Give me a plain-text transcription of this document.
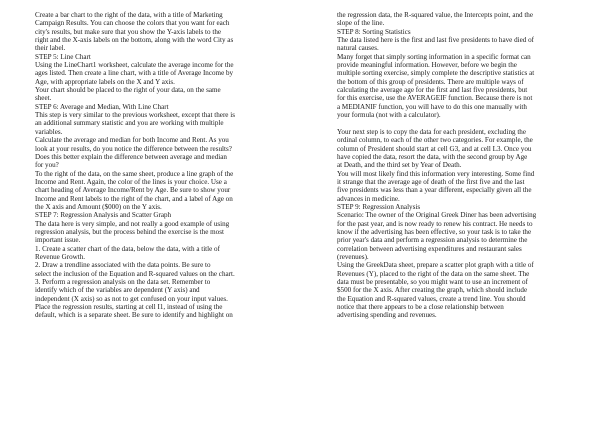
Create a bar chart to the right of the data, with a title of Marketing
Campaign Results. You can choose the colors that you want for each
city's results, but make sure that you show the Y-axis labels to the
right and the X-axis labels on the bottom, along with the word City as
their label.
STEP 5: Line Chart
Using the LineChart1 worksheet, calculate the average income for the
ages listed. Then create a line chart, with a title of Average Income by
Age, with appropriate labels on the X and Y axis.
Your chart should be placed to the right of your data, on the same
sheet.
STEP 6: Average and Median, With Line Chart
This step is very similar to the previous worksheet, except that there is
an additional summary statistic and you are working with multiple
variables.
Calculate the average and median for both Income and Rent. As you
look at your results, do you notice the difference between the results?
Does this better explain the difference between average and median
for you?
To the right of the data, on the same sheet, produce a line graph of the
Income and Rent. Again, the color of the lines is your choice. Use a
chart heading of Average Income/Rent by Age. Be sure to show your
Income and Rent labels to the right of the chart, and a label of Age on
the X axis and Amount ($000) on the Y axis.
STEP 7: Regression Analysis and Scatter Graph
The data here is very simple, and not really a good example of using
regression analysis, but the process behind the exercise is the most
important issue.
1. Create a scatter chart of the data, below the data, with a title of
Revenue Growth.
2. Draw a trendline associated with the data points. Be sure to
select the inclusion of the Equation and R-squared values on the chart.
3. Perform a regression analysis on the data set. Remember to
identify which of the variables are dependent (Y axis) and
independent (X axis) so as not to get confused on your input values.
Place the regression results, starting at cell I1, instead of using the
default, which is a separate sheet. Be sure to identify and highlight on
the regression data, the R-squared value, the Intercepts point, and the
slope of the line.
STEP 8: Sorting Statistics
The data listed here is the first and last five presidents to have died of
natural causes.
Many forget that simply sorting information in a specific format can
provide meaningful information. However, before we begin the
multiple sorting exercise, simply complete the descriptive statistics at
the bottom of this group of presidents. There are multiple ways of
calculating the average age for the first and last five presidents, but
for this exercise, use the AVERAGEIF function. Because there is not
a MEDIANIF function, you will have to do this one manually with
your formula (not with a calculator).

Your next step is to copy the data for each president, excluding the
ordinal column, to each of the other two categories. For example, the
column of President should start at cell G3, and at cell L3. Once you
have copied the data, resort the data, with the second group by Age
at Death, and the third set by Year of Death.
You will most likely find this information very interesting. Some find
it strange that the average age of death of the first five and the last
five presidents was less than a year different, especially given all the
advances in medicine.
STEP 9: Regression Analysis
Scenario: The owner of the Original Greek Diner has been advertising
for the past year, and is now ready to renew his contract. He needs to
know if the advertising has been effective, so your task is to take the
prior year's data and perform a regression analysis to determine the
correlation between advertising expenditures and restaurant sales
(revenues).
Using the GreekData sheet, prepare a scatter plot graph with a title of
Revenues (Y), placed to the right of the data on the same sheet. The
data must be presentable, so you might want to use an increment of
$500 for the X axis. After creating the graph, which should include
the Equation and R-squared values, create a trend line. You should
notice that there appears to be a close relationship between
advertising spending and revenues.
